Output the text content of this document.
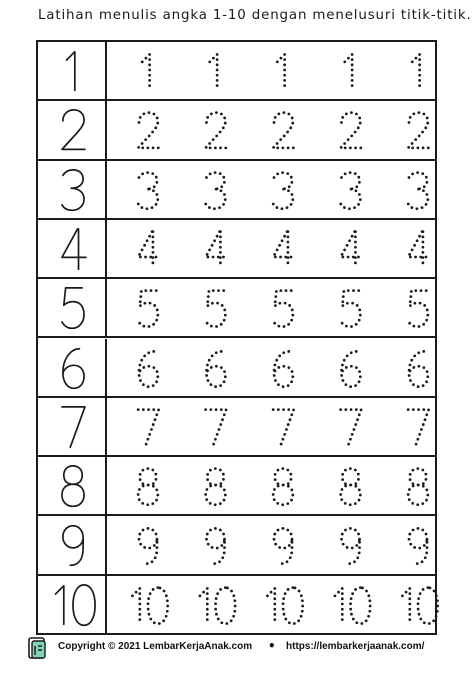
Latihan menulis angka 1-10 dengan menelusuri titik-titik.
Copyright © 2021 LembarKerjaAnak.com • https://lembarkerjaanak.com/
